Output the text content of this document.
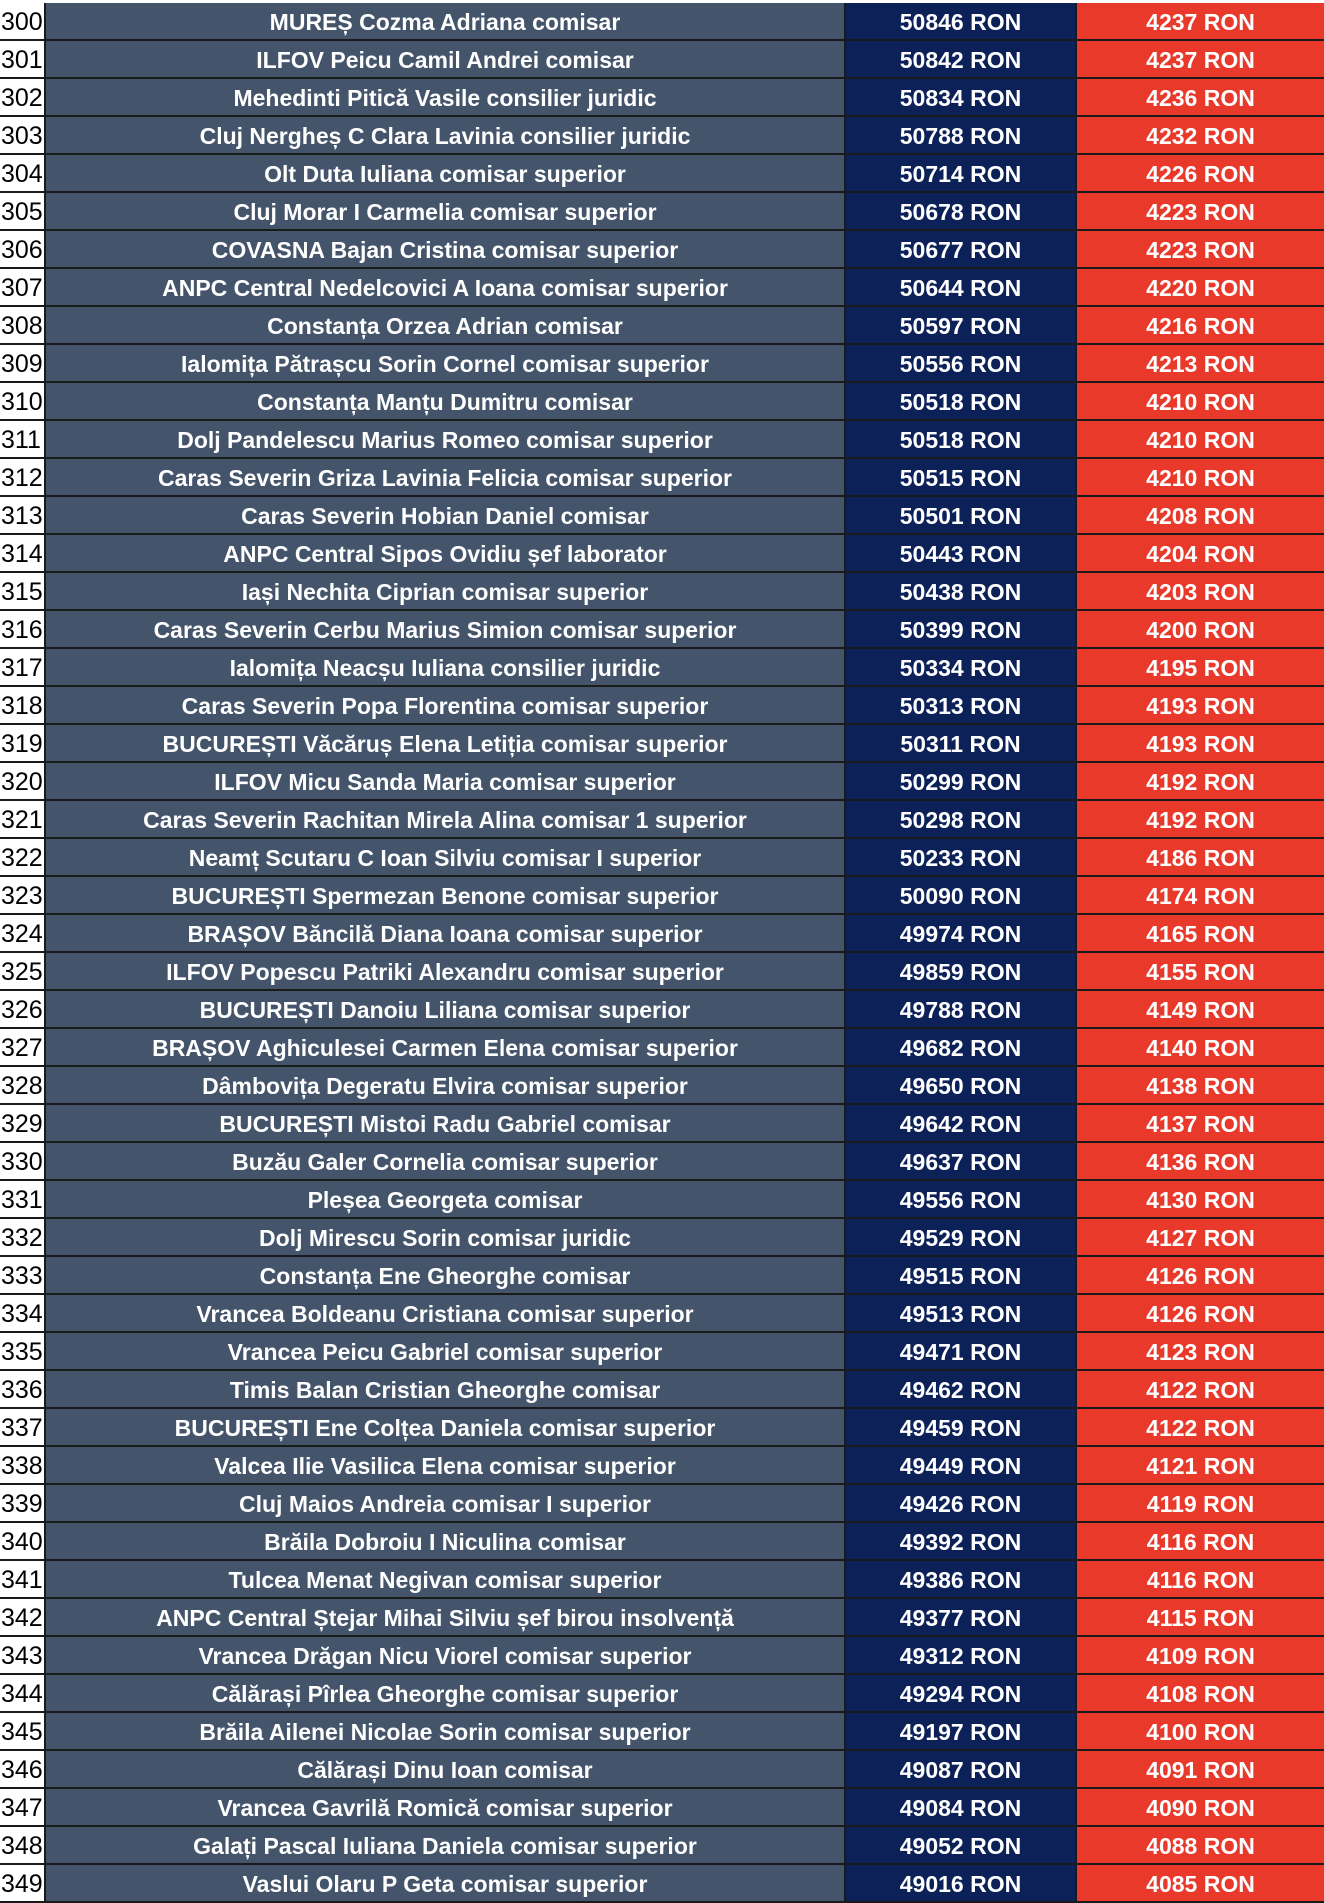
300	MUREȘ Cozma Adriana comisar	50846 RON	4237 RON
301	ILFOV Peicu Camil Andrei comisar	50842 RON	4237 RON
302	Mehedinti Pitică Vasile consilier juridic	50834 RON	4236 RON
303	Cluj Nergheș C Clara Lavinia consilier juridic	50788 RON	4232 RON
304	Olt Duta Iuliana comisar superior	50714 RON	4226 RON
305	Cluj Morar I Carmelia comisar superior	50678 RON	4223 RON
306	COVASNA Bajan Cristina comisar superior	50677 RON	4223 RON
307	ANPC Central Nedelcovici A Ioana comisar superior	50644 RON	4220 RON
308	Constanța Orzea Adrian comisar	50597 RON	4216 RON
309	Ialomița Pătrașcu Sorin Cornel comisar superior	50556 RON	4213 RON
310	Constanța Manțu Dumitru comisar	50518 RON	4210 RON
311	Dolj Pandelescu Marius Romeo comisar superior	50518 RON	4210 RON
312	Caras Severin Griza Lavinia Felicia comisar superior	50515 RON	4210 RON
313	Caras Severin Hobian Daniel comisar	50501 RON	4208 RON
314	ANPC Central Sipos Ovidiu șef laborator	50443 RON	4204 RON
315	Iași Nechita Ciprian comisar superior	50438 RON	4203 RON
316	Caras Severin Cerbu Marius Simion comisar superior	50399 RON	4200 RON
317	Ialomița Neacșu Iuliana consilier juridic	50334 RON	4195 RON
318	Caras Severin Popa Florentina comisar superior	50313 RON	4193 RON
319	BUCUREȘTI Văcăruș Elena Letiția comisar superior	50311 RON	4193 RON
320	ILFOV Micu Sanda Maria comisar superior	50299 RON	4192 RON
321	Caras Severin Rachitan Mirela Alina comisar 1 superior	50298 RON	4192 RON
322	Neamț Scutaru C Ioan Silviu comisar I superior	50233 RON	4186 RON
323	BUCUREȘTI Spermezan Benone comisar superior	50090 RON	4174 RON
324	BRAȘOV Băncilă Diana Ioana comisar superior	49974 RON	4165 RON
325	ILFOV Popescu Patriki Alexandru comisar superior	49859 RON	4155 RON
326	BUCUREȘTI Danoiu Liliana comisar superior	49788 RON	4149 RON
327	BRAȘOV Aghiculesei Carmen Elena comisar superior	49682 RON	4140 RON
328	Dâmbovița Degeratu Elvira comisar superior	49650 RON	4138 RON
329	BUCUREȘTI Mistoi Radu Gabriel comisar	49642 RON	4137 RON
330	Buzău Galer Cornelia comisar superior	49637 RON	4136 RON
331	Pleșea Georgeta comisar	49556 RON	4130 RON
332	Dolj Mirescu Sorin comisar juridic	49529 RON	4127 RON
333	Constanța Ene Gheorghe comisar	49515 RON	4126 RON
334	Vrancea Boldeanu Cristiana comisar superior	49513 RON	4126 RON
335	Vrancea Peicu Gabriel comisar superior	49471 RON	4123 RON
336	Timis Balan Cristian Gheorghe comisar	49462 RON	4122 RON
337	BUCUREȘTI Ene Colțea Daniela comisar superior	49459 RON	4122 RON
338	Valcea Ilie Vasilica Elena comisar superior	49449 RON	4121 RON
339	Cluj Maios Andreia comisar I superior	49426 RON	4119 RON
340	Brăila Dobroiu I Niculina comisar	49392 RON	4116 RON
341	Tulcea Menat Negivan comisar superior	49386 RON	4116 RON
342	ANPC Central Ștejar Mihai Silviu șef birou insolvență	49377 RON	4115 RON
343	Vrancea Drăgan Nicu Viorel comisar superior	49312 RON	4109 RON
344	Călărași Pîrlea Gheorghe comisar superior	49294 RON	4108 RON
345	Brăila Ailenei Nicolae Sorin comisar superior	49197 RON	4100 RON
346	Călărași Dinu Ioan comisar	49087 RON	4091 RON
347	Vrancea Gavrilă Romică comisar superior	49084 RON	4090 RON
348	Galați Pascal Iuliana Daniela comisar superior	49052 RON	4088 RON
349	Vaslui Olaru P Geta comisar superior	49016 RON	4085 RON
